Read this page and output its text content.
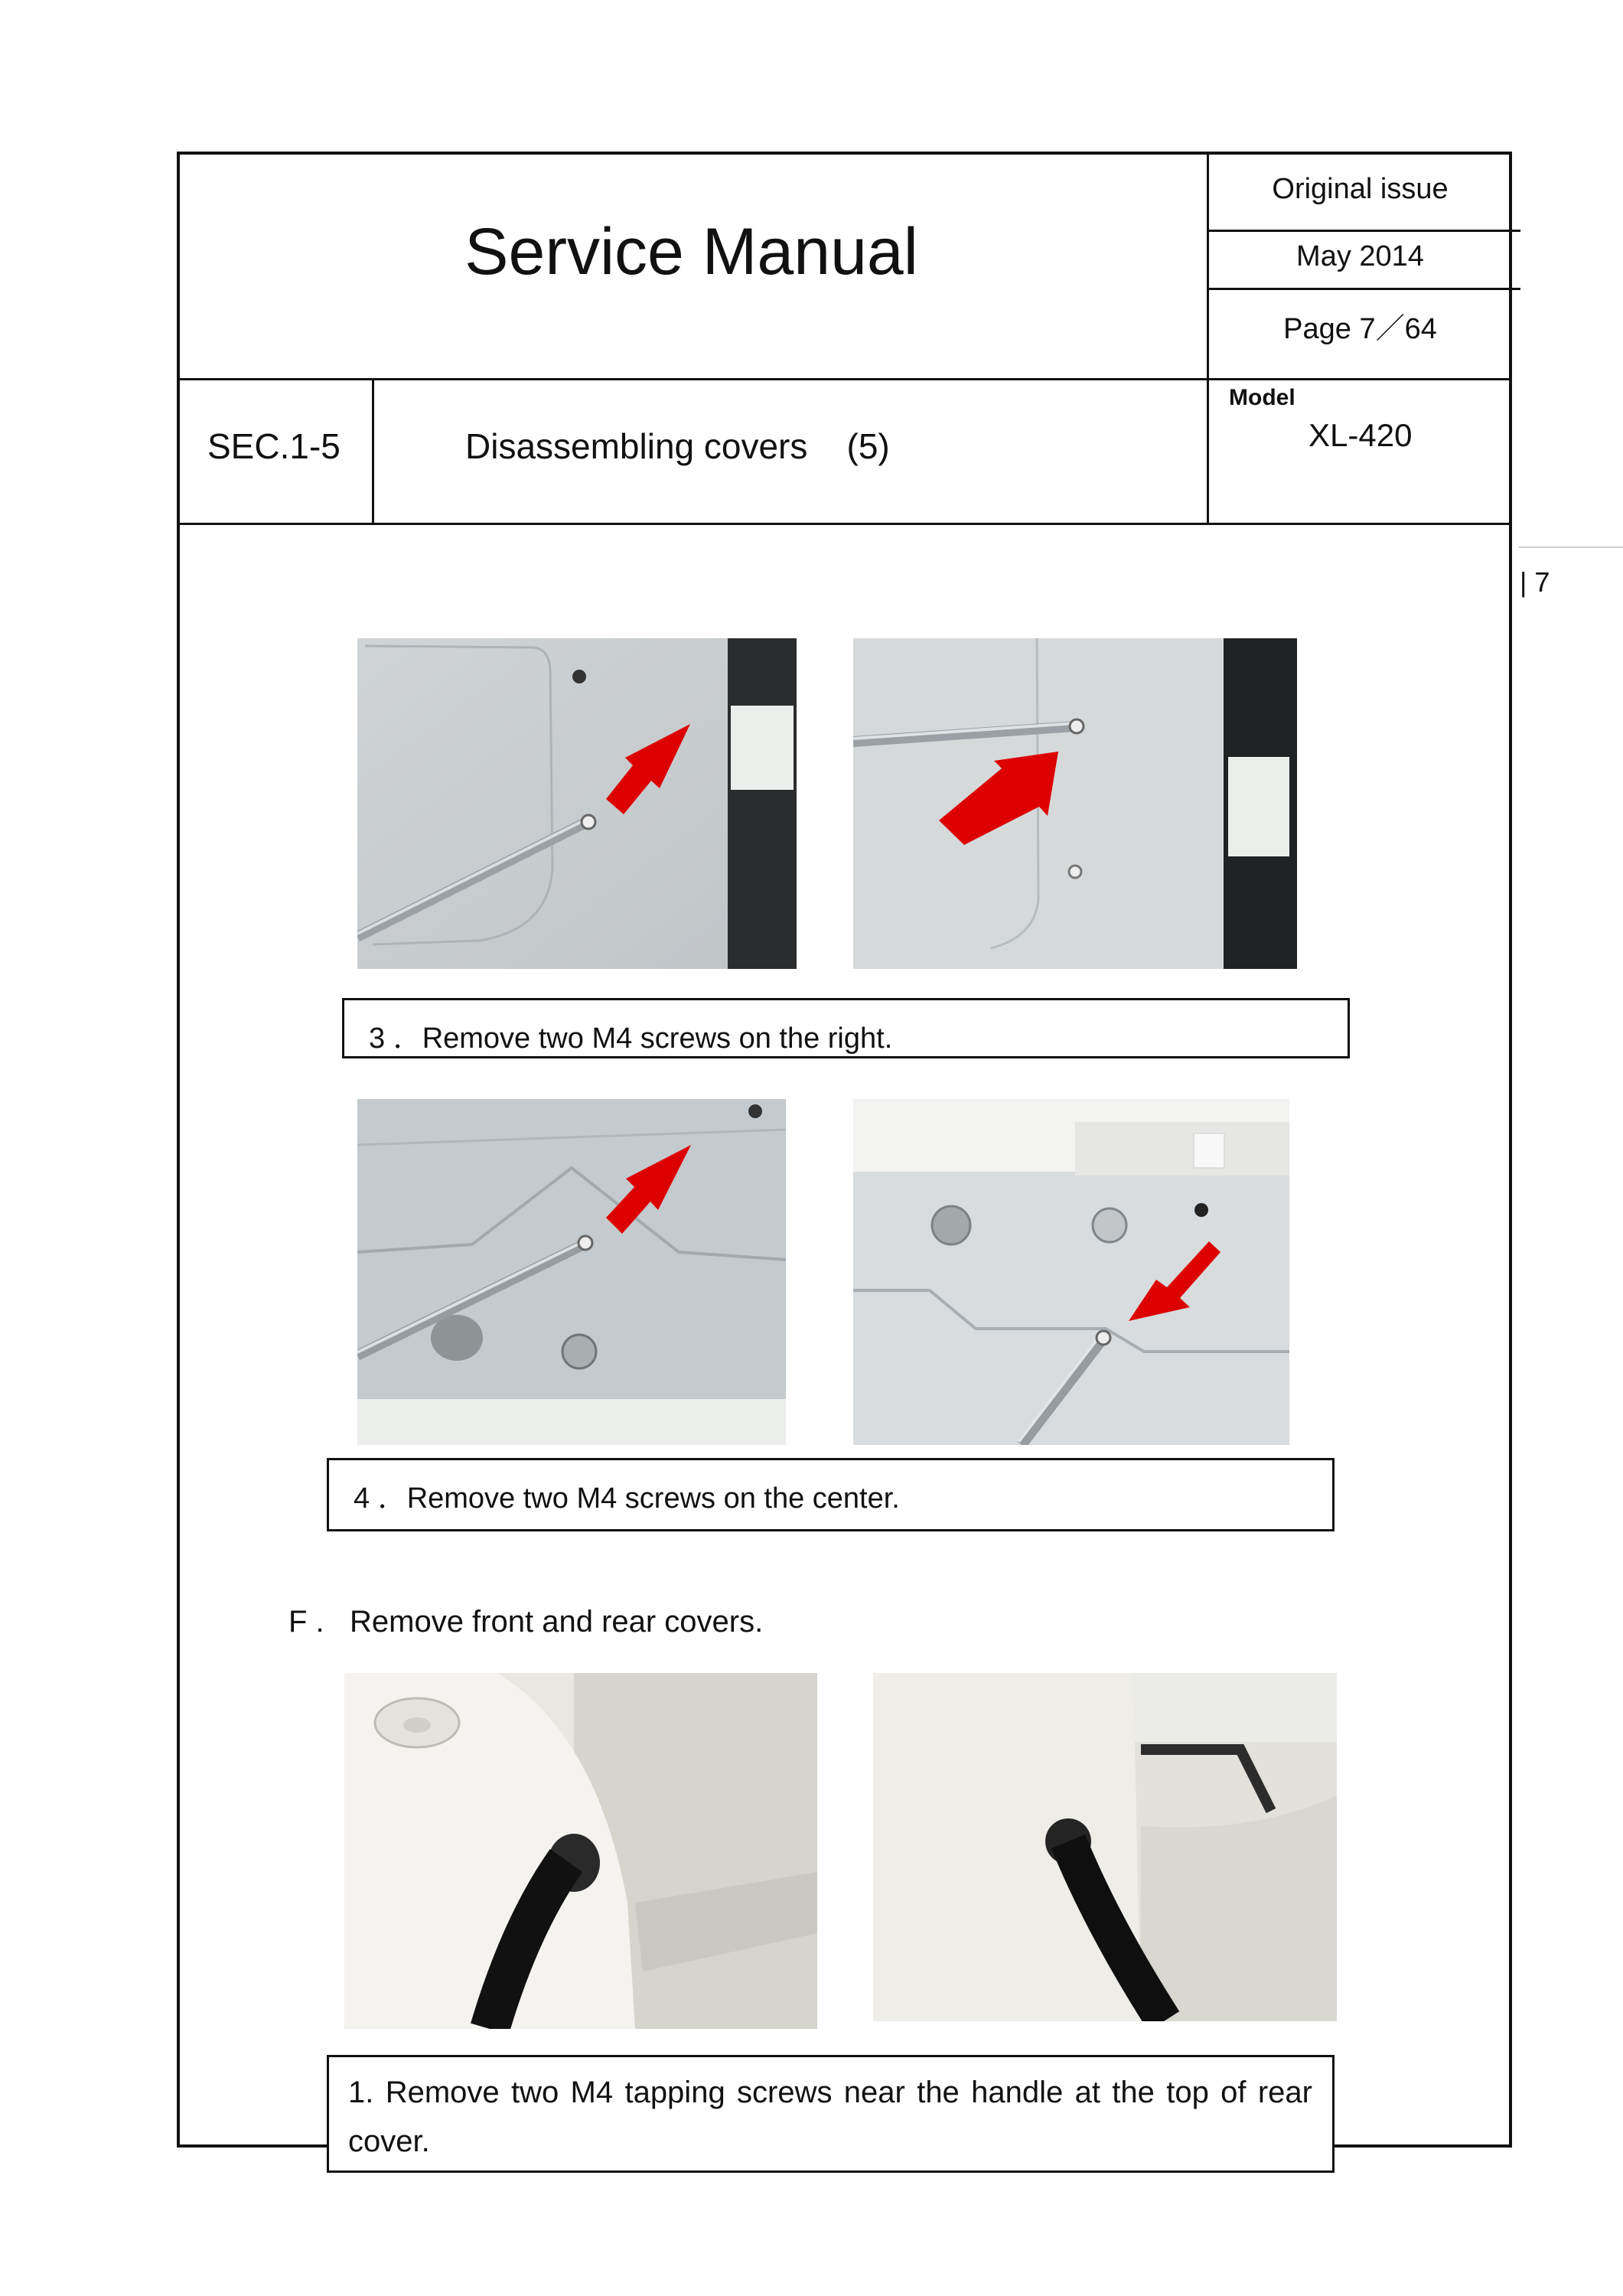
Service Manual
Original issue
May 2014
Page 7／64
SEC.1-5	Disassembling covers    (5)
Model
XL-420
| 7
3 ．Remove two M4 screws on the right.
4 ．Remove two M4 screws on the center.
F .   Remove front and rear covers.
1. Remove two M4 tapping screws near the handle at the top of rear cover.
